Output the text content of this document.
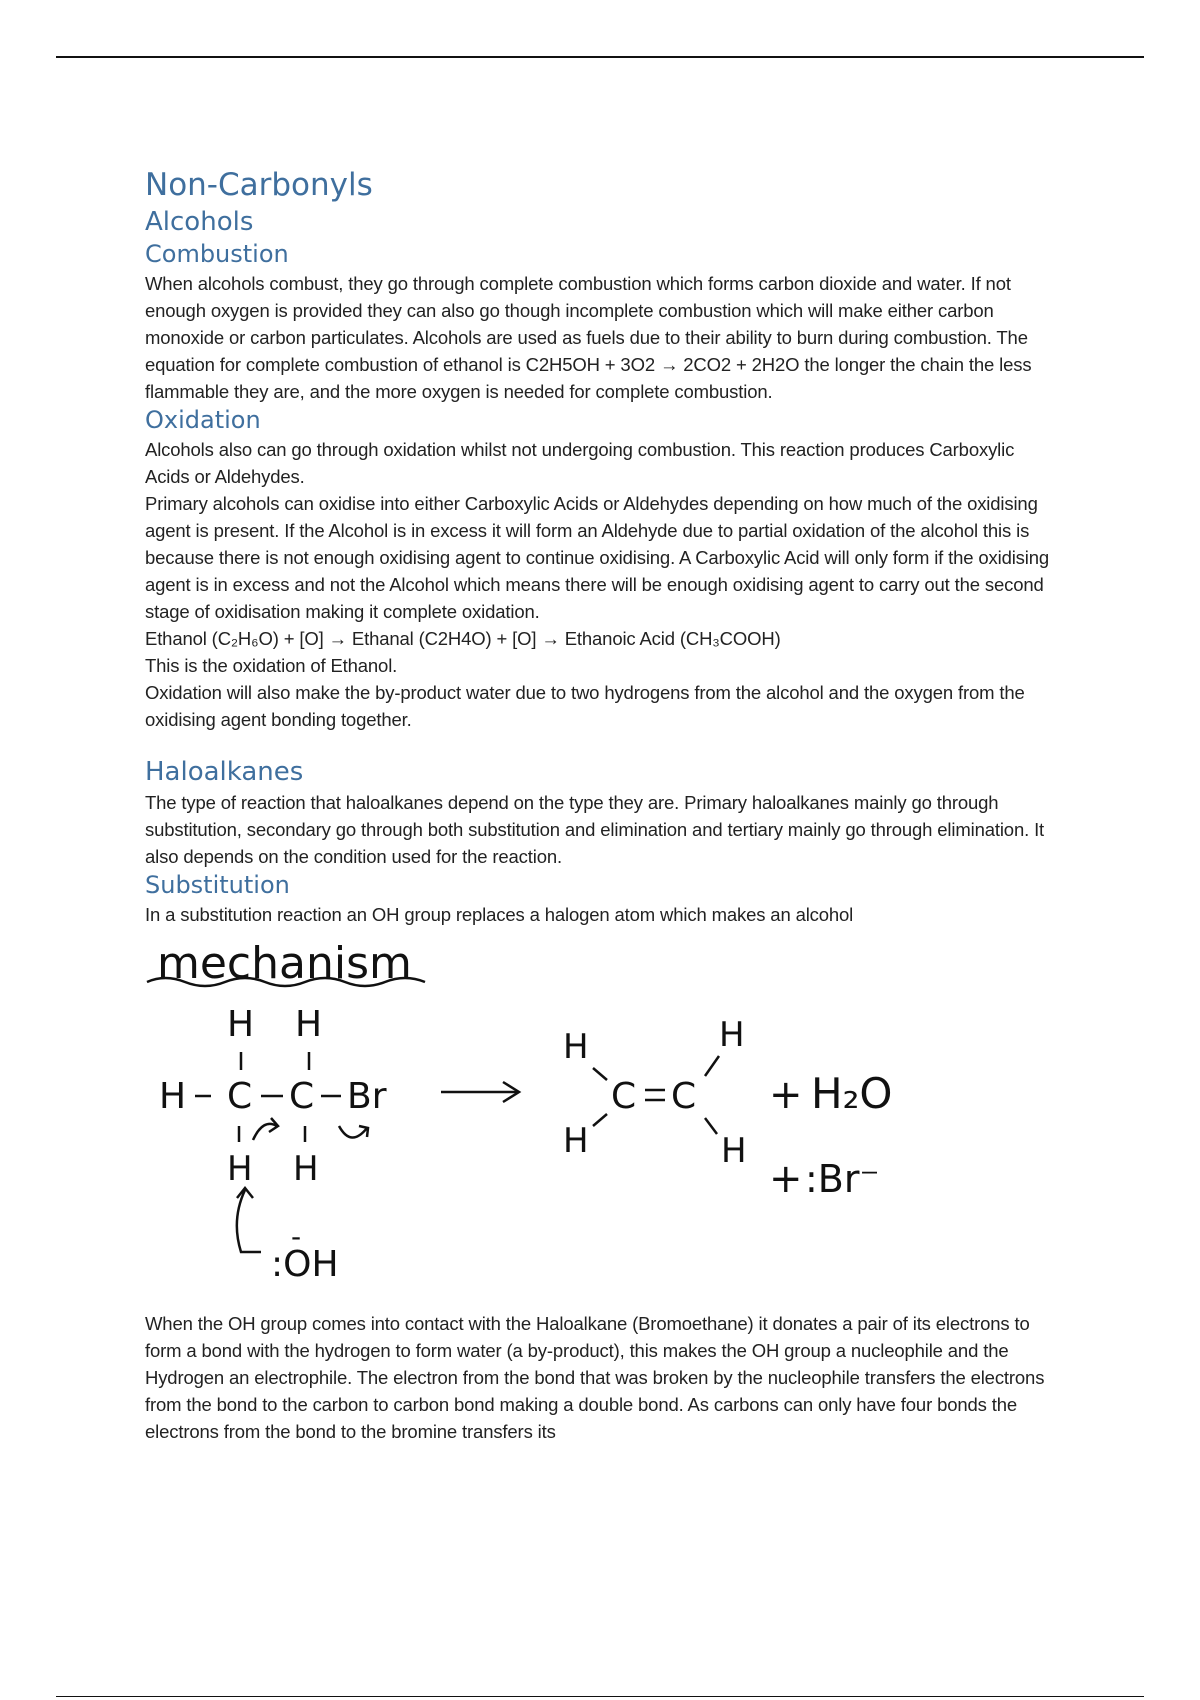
Non-Carbonyls
Alcohols
Combustion

When alcohols combust, they go through complete combustion which forms carbon dioxide and water. If not enough oxygen is provided they can also go though incomplete combustion which will make either carbon monoxide or carbon particulates. Alcohols are used as fuels due to their ability to burn during combustion. The equation for complete combustion of ethanol is C2H5OH + 3O2 → 2CO2 + 2H2O the longer the chain the less flammable they are, and the more oxygen is needed for complete combustion.

Oxidation

Alcohols also can go through oxidation whilst not undergoing combustion. This reaction produces Carboxylic Acids or Aldehydes.

Primary alcohols can oxidise into either Carboxylic Acids or Aldehydes depending on how much of the oxidising agent is present. If the Alcohol is in excess it will form an Aldehyde due to partial oxidation of the alcohol this is because there is not enough oxidising agent to continue oxidising. A Carboxylic Acid will only form if the oxidising agent is in excess and not the Alcohol which means there will be enough oxidising agent to carry out the second stage of oxidisation making it complete oxidation.

Ethanol (C₂H₆O) + [O] → Ethanal (C2H4O) + [O] → Ethanoic Acid (CH₃COOH)

This is the oxidation of Ethanol.

Oxidation will also make the by-product water due to two hydrogens from the alcohol and the oxygen from the oxidising agent bonding together.

Haloalkanes

The type of reaction that haloalkanes depend on the type they are. Primary haloalkanes mainly go through substitution, secondary go through both substitution and elimination and tertiary mainly go through elimination. It also depends on the condition used for the reaction.

Substitution

In a substitution reaction an OH group replaces a halogen atom which makes an alcohol

mechanism
H H
H C C Br
H H
:OH
-
H
H
C C
H
H
+ H₂O
+ :Br⁻

When the OH group comes into contact with the Haloalkane (Bromoethane) it donates a pair of its electrons to form a bond with the hydrogen to form water (a by-product), this makes the OH group a nucleophile and the Hydrogen an electrophile. The electron from the bond that was broken by the nucleophile transfers the electrons from the bond to the carbon to carbon bond making a double bond. As carbons can only have four bonds the electrons from the bond to the bromine transfers its
